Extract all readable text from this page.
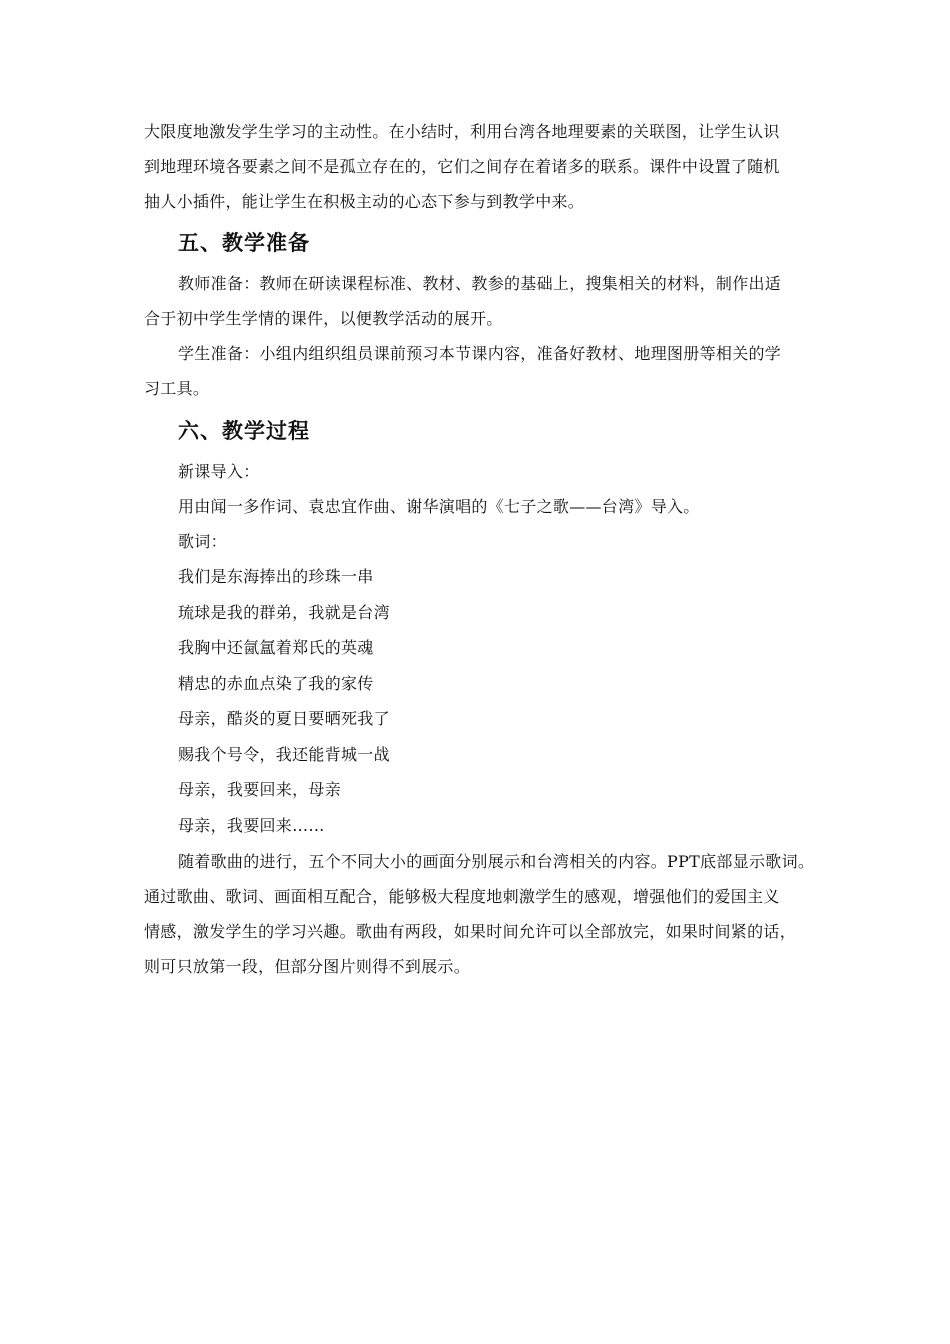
大限度地激发学生学习的主动性。在小结时，利用台湾各地理要素的关联图，让学生认识
到地理环境各要素之间不是孤立存在的，它们之间存在着诸多的联系。课件中设置了随机
抽人小插件，能让学生在积极主动的心态下参与到教学中来。
五、教学准备
教师准备：教师在研读课程标准、教材、教参的基础上，搜集相关的材料，制作出适
合于初中学生学情的课件，以便教学活动的展开。
学生准备：小组内组织组员课前预习本节课内容，准备好教材、地理图册等相关的学
习工具。
六、教学过程
新课导入：
用由闻一多作词、袁忠宜作曲、谢华演唱的《七子之歌——台湾》导入。
歌词：
我们是东海捧出的珍珠一串
琉球是我的群弟，我就是台湾
我胸中还氤氲着郑氏的英魂
精忠的赤血点染了我的家传
母亲，酷炎的夏日要晒死我了
赐我个号令，我还能背城一战
母亲，我要回来，母亲
母亲，我要回来……
随着歌曲的进行，五个不同大小的画面分别展示和台湾相关的内容。PPT底部显示歌词。
通过歌曲、歌词、画面相互配合，能够极大程度地刺激学生的感观，增强他们的爱国主义
情感，激发学生的学习兴趣。歌曲有两段，如果时间允许可以全部放完，如果时间紧的话，
则可只放第一段，但部分图片则得不到展示。
